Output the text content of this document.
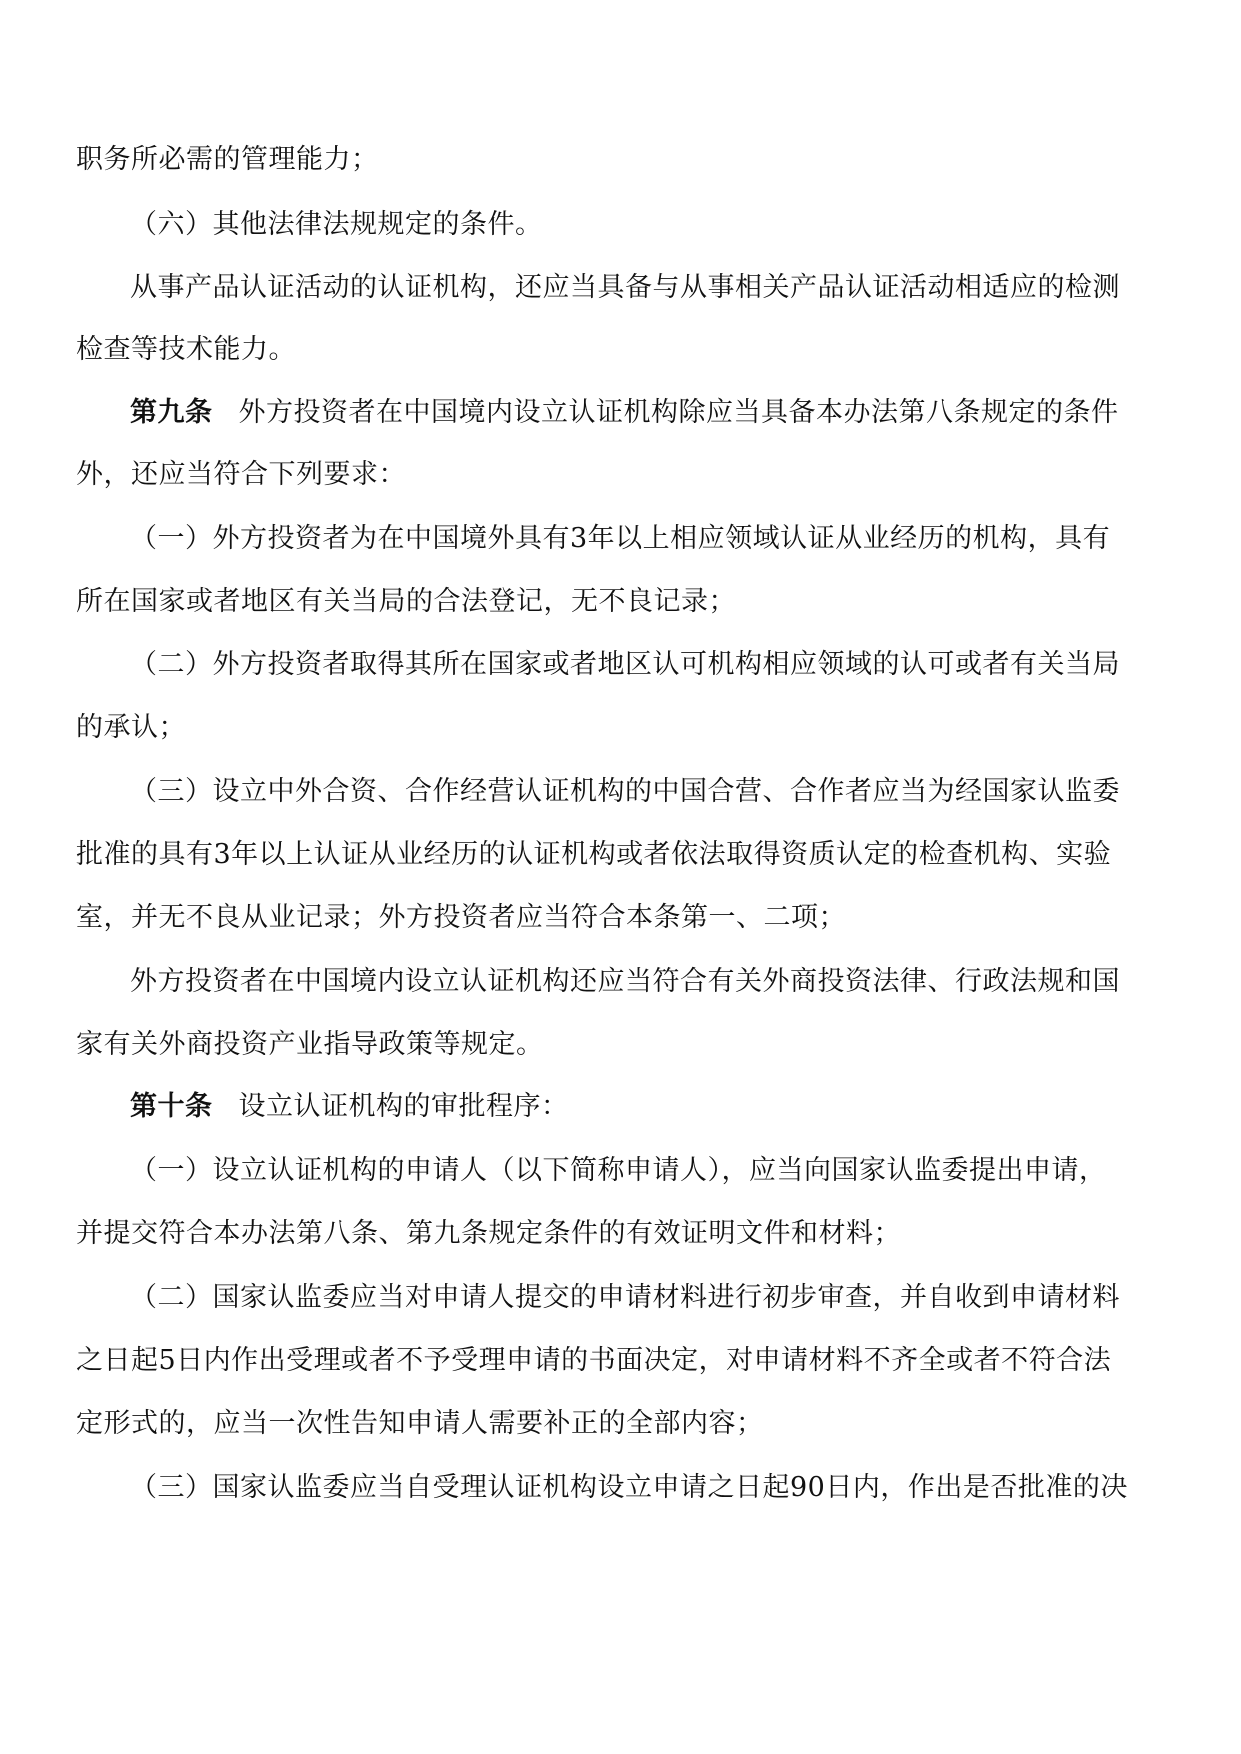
职务所必需的管理能力；
（六）其他法律法规规定的条件。
从事产品认证活动的认证机构，还应当具备与从事相关产品认证活动相适应的检测
检查等技术能力。
第九条 外方投资者在中国境内设立认证机构除应当具备本办法第八条规定的条件
外，还应当符合下列要求：
（一）外方投资者为在中国境外具有3年以上相应领域认证从业经历的机构，具有
所在国家或者地区有关当局的合法登记，无不良记录；
（二）外方投资者取得其所在国家或者地区认可机构相应领域的认可或者有关当局
的承认；
（三）设立中外合资、合作经营认证机构的中国合营、合作者应当为经国家认监委
批准的具有3年以上认证从业经历的认证机构或者依法取得资质认定的检查机构、实验
室，并无不良从业记录；外方投资者应当符合本条第一、二项；
外方投资者在中国境内设立认证机构还应当符合有关外商投资法律、行政法规和国
家有关外商投资产业指导政策等规定。
第十条 设立认证机构的审批程序：
（一）设立认证机构的申请人（以下简称申请人），应当向国家认监委提出申请，
并提交符合本办法第八条、第九条规定条件的有效证明文件和材料；
（二）国家认监委应当对申请人提交的申请材料进行初步审查，并自收到申请材料
之日起5日内作出受理或者不予受理申请的书面决定，对申请材料不齐全或者不符合法
定形式的，应当一次性告知申请人需要补正的全部内容；
（三）国家认监委应当自受理认证机构设立申请之日起90日内，作出是否批准的决
